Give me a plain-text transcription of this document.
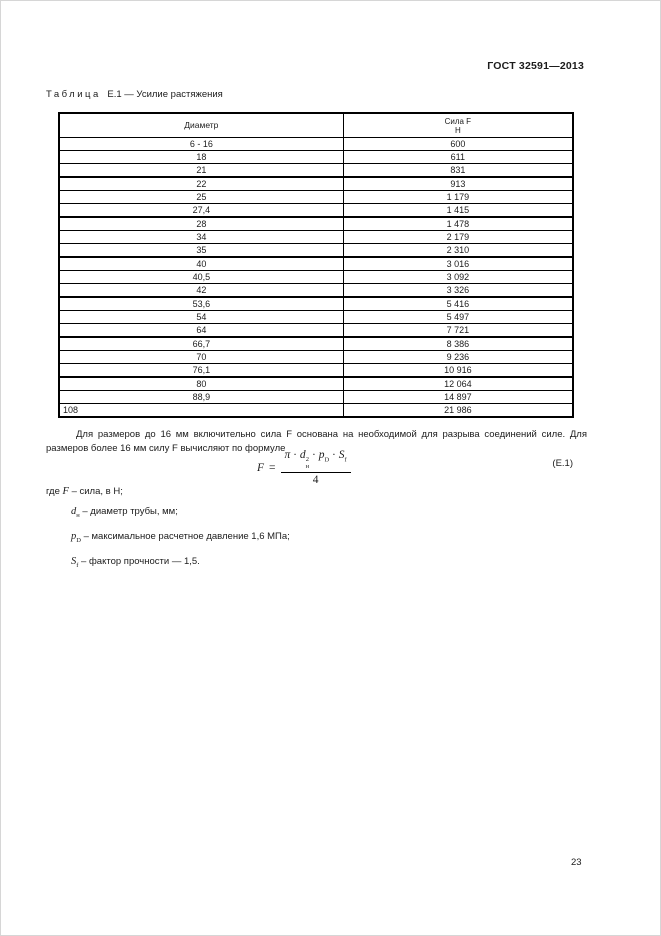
ГОСТ 32591—2013
Таблица Е.1 — Усилие растяжения
Диаметр	Сила F
Н
6 - 16	600
18	611
21	831
22	913
25	1 179
27,4	1 415
28	1 478
34	2 179
35	2 310
40	3 016
40,5	3 092
42	3 326
53,6	5 416
54	5 497
64	7 721
66,7	8 386
70	9 236
76,1	10 916
80	12 064
88,9	14 897
108	21 986

Для размеров до 16 мм включительно сила F основана на необходимой для разрыва соединений силе. Для размеров более 16 мм силу F вычисляют по формуле

F =
π · d 2
н
· $p_D \cdot S_f$
4
(Е.1)
где F – сила, в Н;
$d_н$ – диаметр трубы, мм;
$p_D$ – максимальное расчетное давление 1,6 МПа;
$S_f$ – фактор прочности — 1,5.
23
